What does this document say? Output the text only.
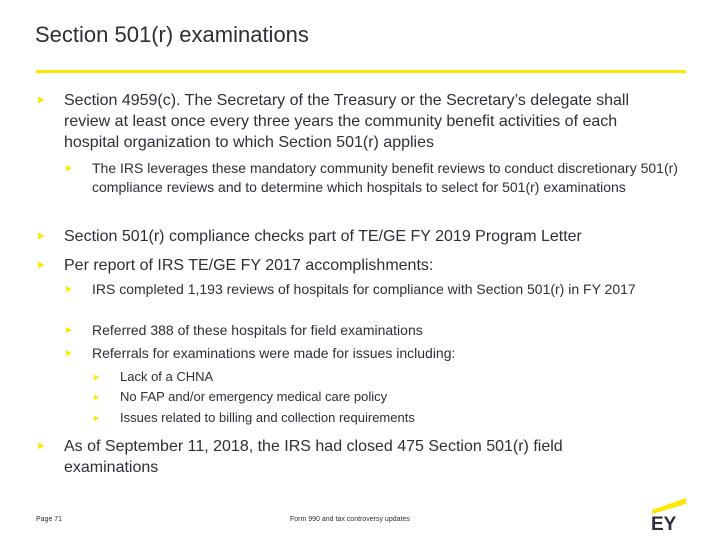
Section 501(r) examinations
►	Section 4959(c). The Secretary of the Treasury or the Secretary’s delegate shall review at least once every three years the community benefit activities of each hospital organization to which Section 501(r) applies
►	The IRS leverages these mandatory community benefit reviews to conduct discretionary 501(r) compliance reviews and to determine which hospitals to select for 501(r) examinations
►	Section 501(r) compliance checks part of TE/GE FY 2019 Program Letter
►	Per report of IRS TE/GE FY 2017 accomplishments:
►	IRS completed 1,193 reviews of hospitals for compliance with Section 501(r) in FY 2017
►	Referred 388 of these hospitals for field examinations
►	Referrals for examinations were made for issues including:
►	Lack of a CHNA
►	No FAP and/or emergency medical care policy
►	Issues related to billing and collection requirements
►	As of September 11, 2018, the IRS had closed 475 Section 501(r) field examinations
Page 71	Form 990 and tax controversy updates	EY
